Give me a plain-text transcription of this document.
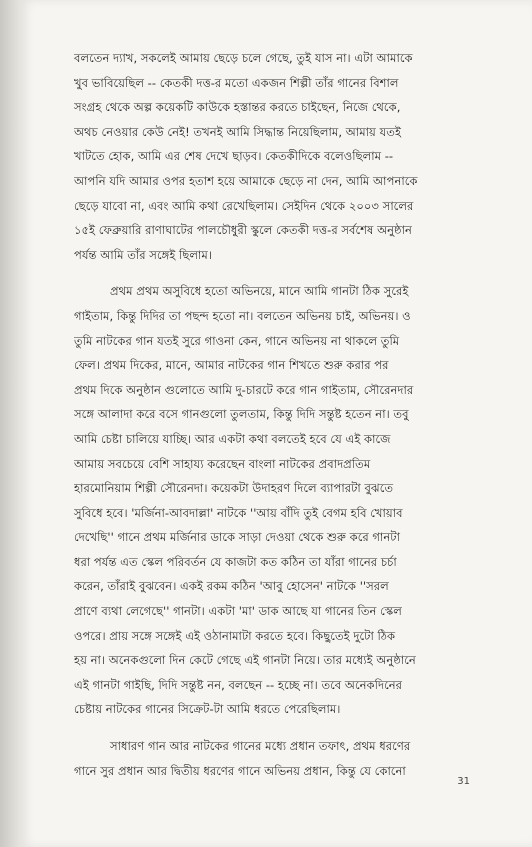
বলতেন দ্যাখ, সকলেই আমায় ছেড়ে চলে গেছে, তুই যাস না। এটা আমাকে
খুব ভাবিয়েছিল -- কেতকী দত্ত-র মতো একজন শিল্পী তাঁর গানের বিশাল
সংগ্রহ থেকে অল্প কয়েকটি কাউকে হস্তান্তর করতে চাইছেন, নিজে থেকে,
অথচ নেওয়ার কেউ নেই! তখনই আমি সিদ্ধান্ত নিয়েছিলাম, আমায় যতই
খাটতে হোক, আমি এর শেষ দেখে ছাড়ব। কেতকীদিকে বলেওছিলাম --
আপনি যদি আমার ওপর হতাশ হয়ে আমাকে ছেড়ে না দেন, আমি আপনাকে
ছেড়ে যাবো না, এবং আমি কথা রেখেছিলাম। সেইদিন থেকে ২০০৩ সালের
১৫ই ফেব্রুয়ারি রাণাঘাটের পালচৌধুরী স্কুলে কেতকী দত্ত-র সর্বশেষ অনুষ্ঠান
পর্যন্ত আমি তাঁর সঙ্গেই ছিলাম।
প্রথম প্রথম অসুবিধে হতো অভিনয়ে, মানে আমি গানটা ঠিক সুরেই
গাইতাম, কিন্তু দিদির তা পছন্দ হতো না। বলতেন অভিনয় চাই, অভিনয়। ও
তুমি নাটকের গান যতই সুরে গাওনা কেন, গানে অভিনয় না থাকলে তুমি
ফেল। প্রথম দিকের, মানে, আমার নাটকের গান শিখতে শুরু করার পর
প্রথম দিকে অনুষ্ঠান গুলোতে আমি দু-চারটে করে গান গাইতাম, সৌরেনদার
সঙ্গে আলাদা করে বসে গানগুলো তুলতাম, কিন্তু দিদি সন্তুষ্ট হতেন না। তবু
আমি চেষ্টা চালিয়ে যাচ্ছি। আর একটা কথা বলতেই হবে যে এই কাজে
আমায় সবচেয়ে বেশি সাহায্য করেছেন বাংলা নাটকের প্রবাদপ্রতিম
হারমোনিয়াম শিল্পী সৌরেনদা। কয়েকটা উদাহরণ দিলে ব্যাপারটা বুঝতে
সুবিধে হবে। 'মর্জিনা-আবদাল্লা' নাটকে ''আয় বাঁদি তুই বেগম হবি খোয়াব
দেখেছি'' গানে প্রথম মর্জিনার ডাকে সাড়া দেওয়া থেকে শুরু করে গানটা
ধরা পর্যন্ত এত স্কেল পরিবর্তন যে কাজটা কত কঠিন তা যাঁরা গানের চর্চা
করেন, তাঁরাই বুঝবেন। একই রকম কঠিন 'আবু হোসেন' নাটকে ''সরল
প্রাণে ব্যথা লেগেছে'' গানটা। একটা 'মা' ডাক আছে যা গানের তিন স্কেল
ওপরে। প্রায় সঙ্গে সঙ্গেই এই ওঠানামাটা করতে হবে। কিছুতেই দুটো ঠিক
হয় না। অনেকগুলো দিন কেটে গেছে এই গানটা নিয়ে। তার মধ্যেই অনুষ্ঠানে
এই গানটা গাইছি, দিদি সন্তুষ্ট নন, বলছেন -- হচ্ছে না। তবে অনেকদিনের
চেষ্টায় নাটকের গানের সিক্রেট-টা আমি ধরতে পেরেছিলাম।
সাধারণ গান আর নাটকের গানের মধ্যে প্রধান তফাৎ, প্রথম ধরণের
গানে সুর প্রধান আর দ্বিতীয় ধরণের গানে অভিনয় প্রধান, কিন্তু যে কোনো
31
